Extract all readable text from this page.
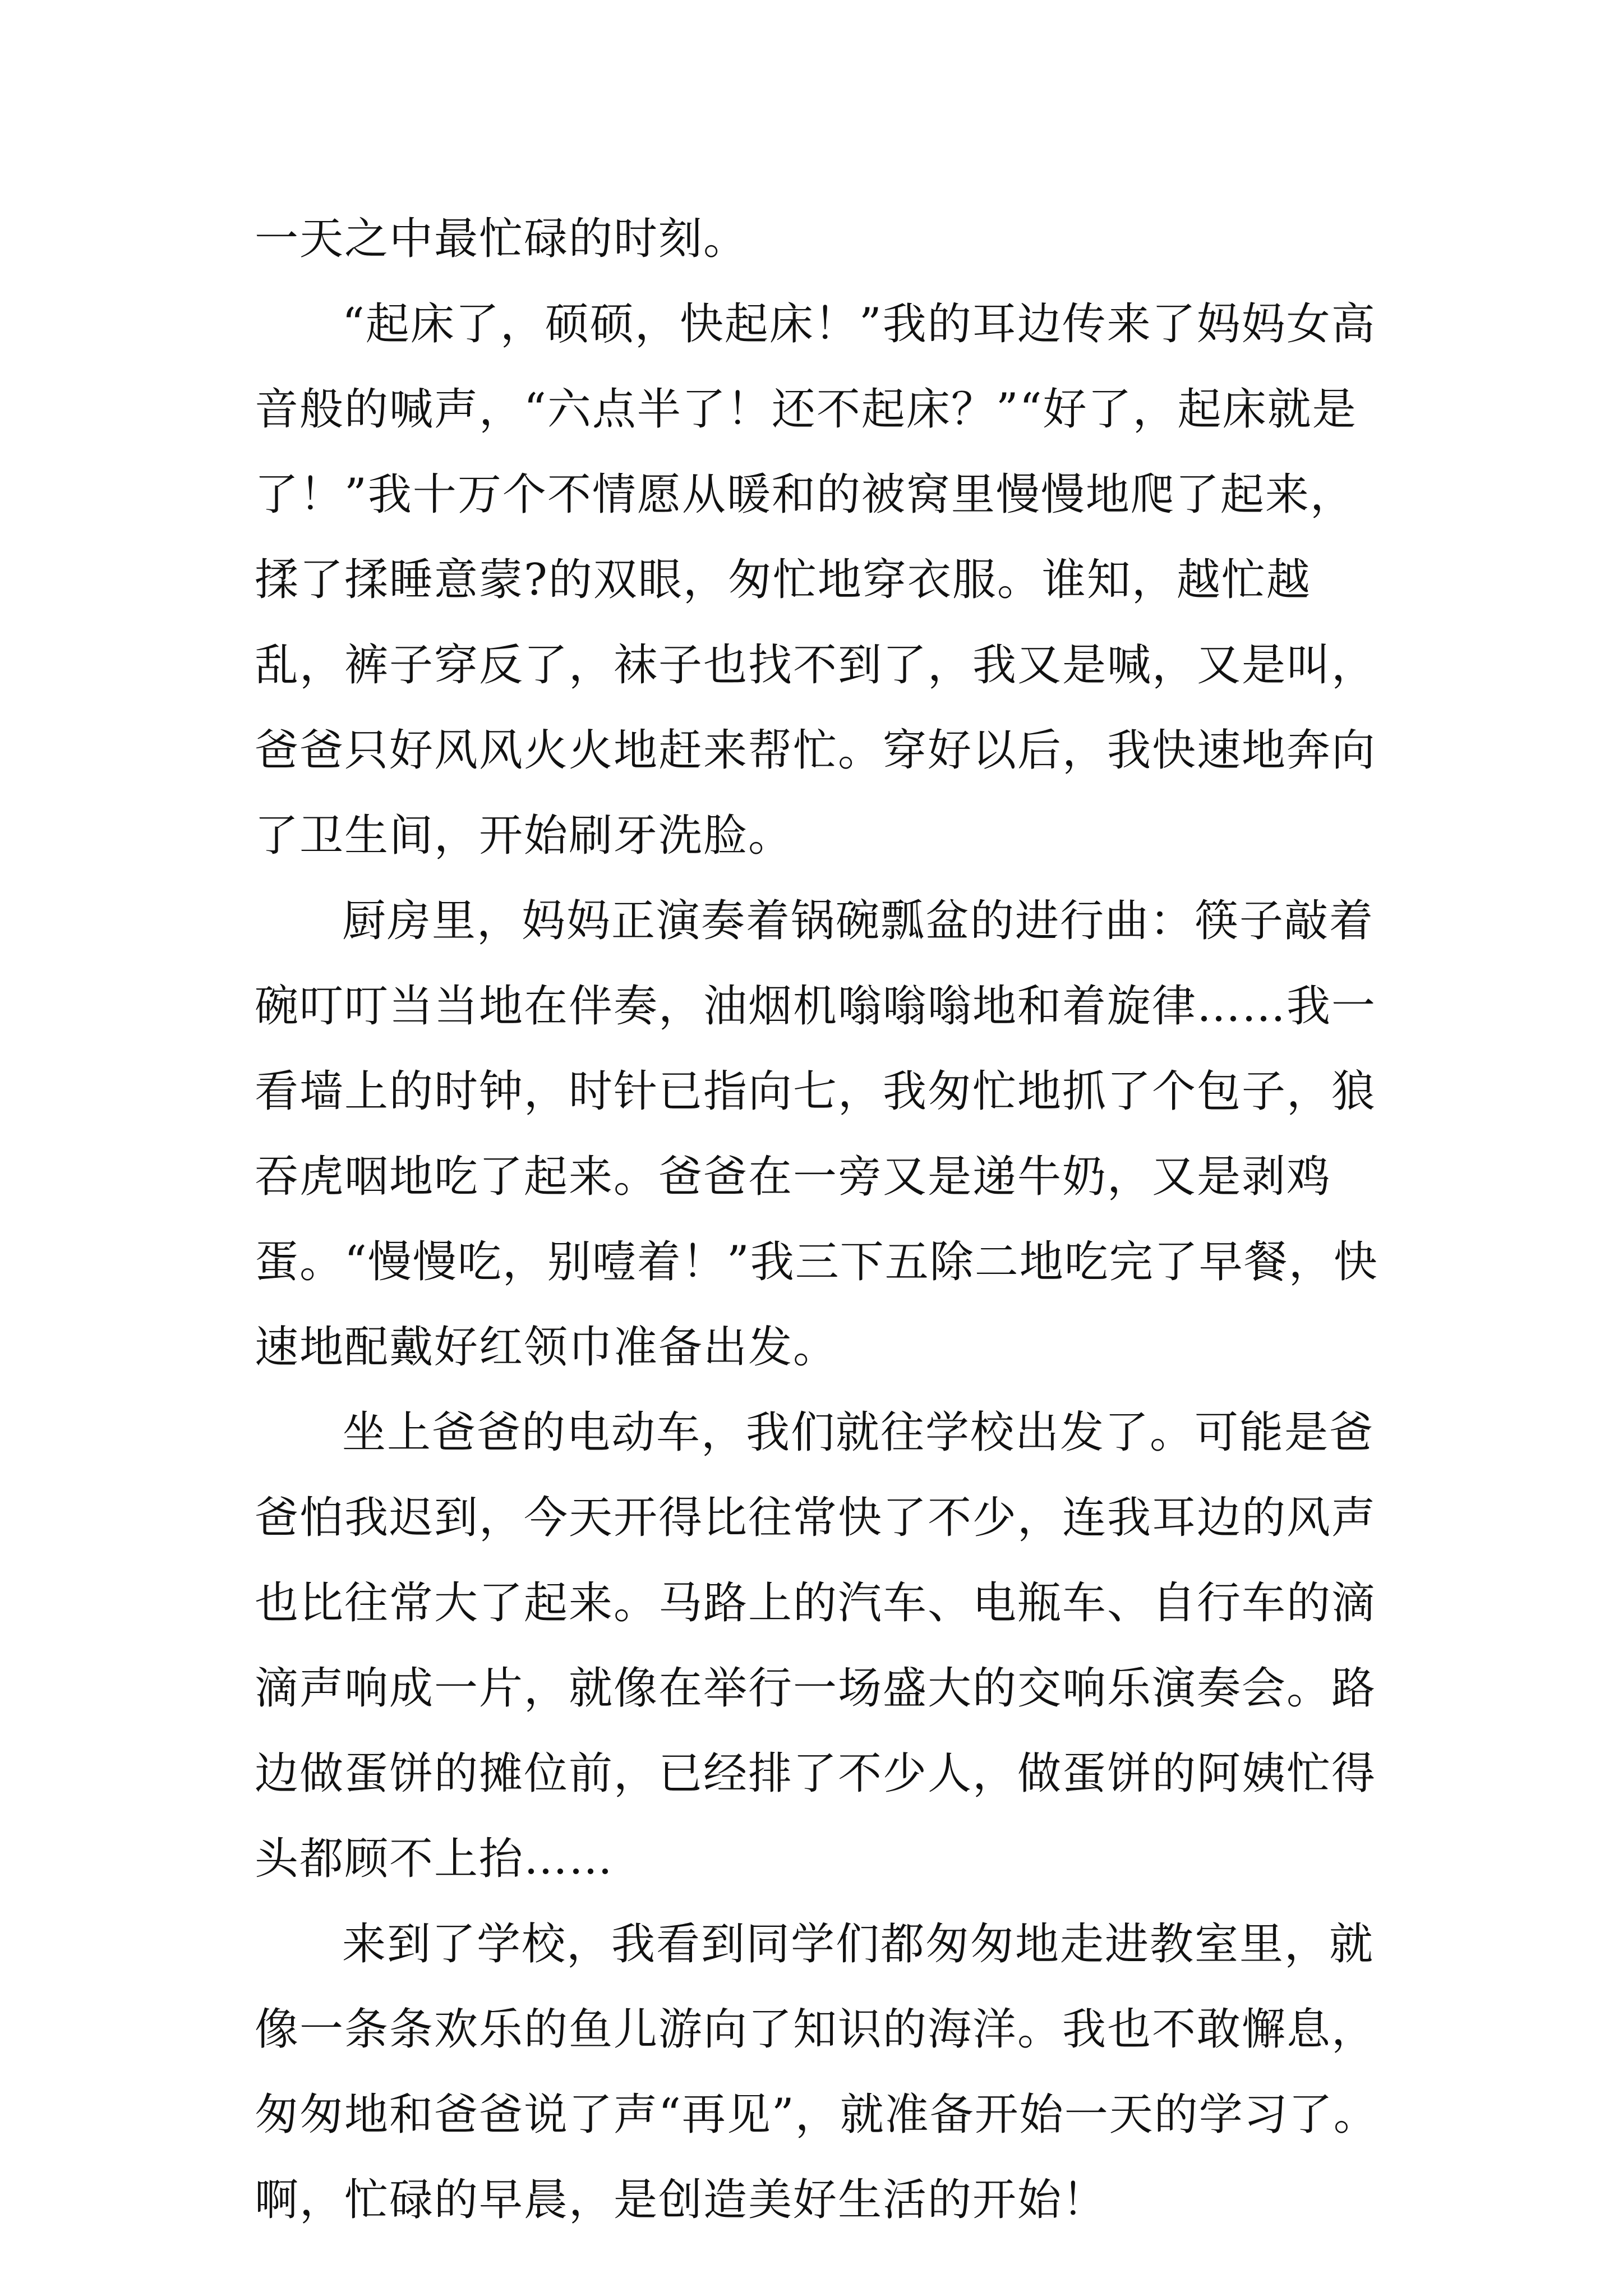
一天之中最忙碌的时刻。

“起床了，硕硕，快起床！”我的耳边传来了妈妈女高音般的喊声，“六点半了！还不起床？”“好了，起床就是了！”我十万个不情愿从暖和的被窝里慢慢地爬了起来，揉了揉睡意蒙?的双眼，匆忙地穿衣服。谁知，越忙越乱，裤子穿反了，袜子也找不到了，我又是喊，又是叫，爸爸只好风风火火地赶来帮忙。穿好以后，我快速地奔向了卫生间，开始刷牙洗脸。

厨房里，妈妈正演奏着锅碗瓢盆的进行曲：筷子敲着碗叮叮当当地在伴奏，油烟机嗡嗡嗡地和着旋律……我一看墙上的时钟，时针已指向七，我匆忙地抓了个包子，狼吞虎咽地吃了起来。爸爸在一旁又是递牛奶，又是剥鸡蛋。“慢慢吃，别噎着！”我三下五除二地吃完了早餐，快速地配戴好红领巾准备出发。

坐上爸爸的电动车，我们就往学校出发了。可能是爸爸怕我迟到，今天开得比往常快了不少，连我耳边的风声也比往常大了起来。马路上的汽车、电瓶车、自行车的滴滴声响成一片，就像在举行一场盛大的交响乐演奏会。路边做蛋饼的摊位前，已经排了不少人，做蛋饼的阿姨忙得头都顾不上抬……

来到了学校，我看到同学们都匆匆地走进教室里，就像一条条欢乐的鱼儿游向了知识的海洋。我也不敢懈息，匆匆地和爸爸说了声“再见”，就准备开始一天的学习了。啊，忙碌的早晨，是创造美好生活的开始！
